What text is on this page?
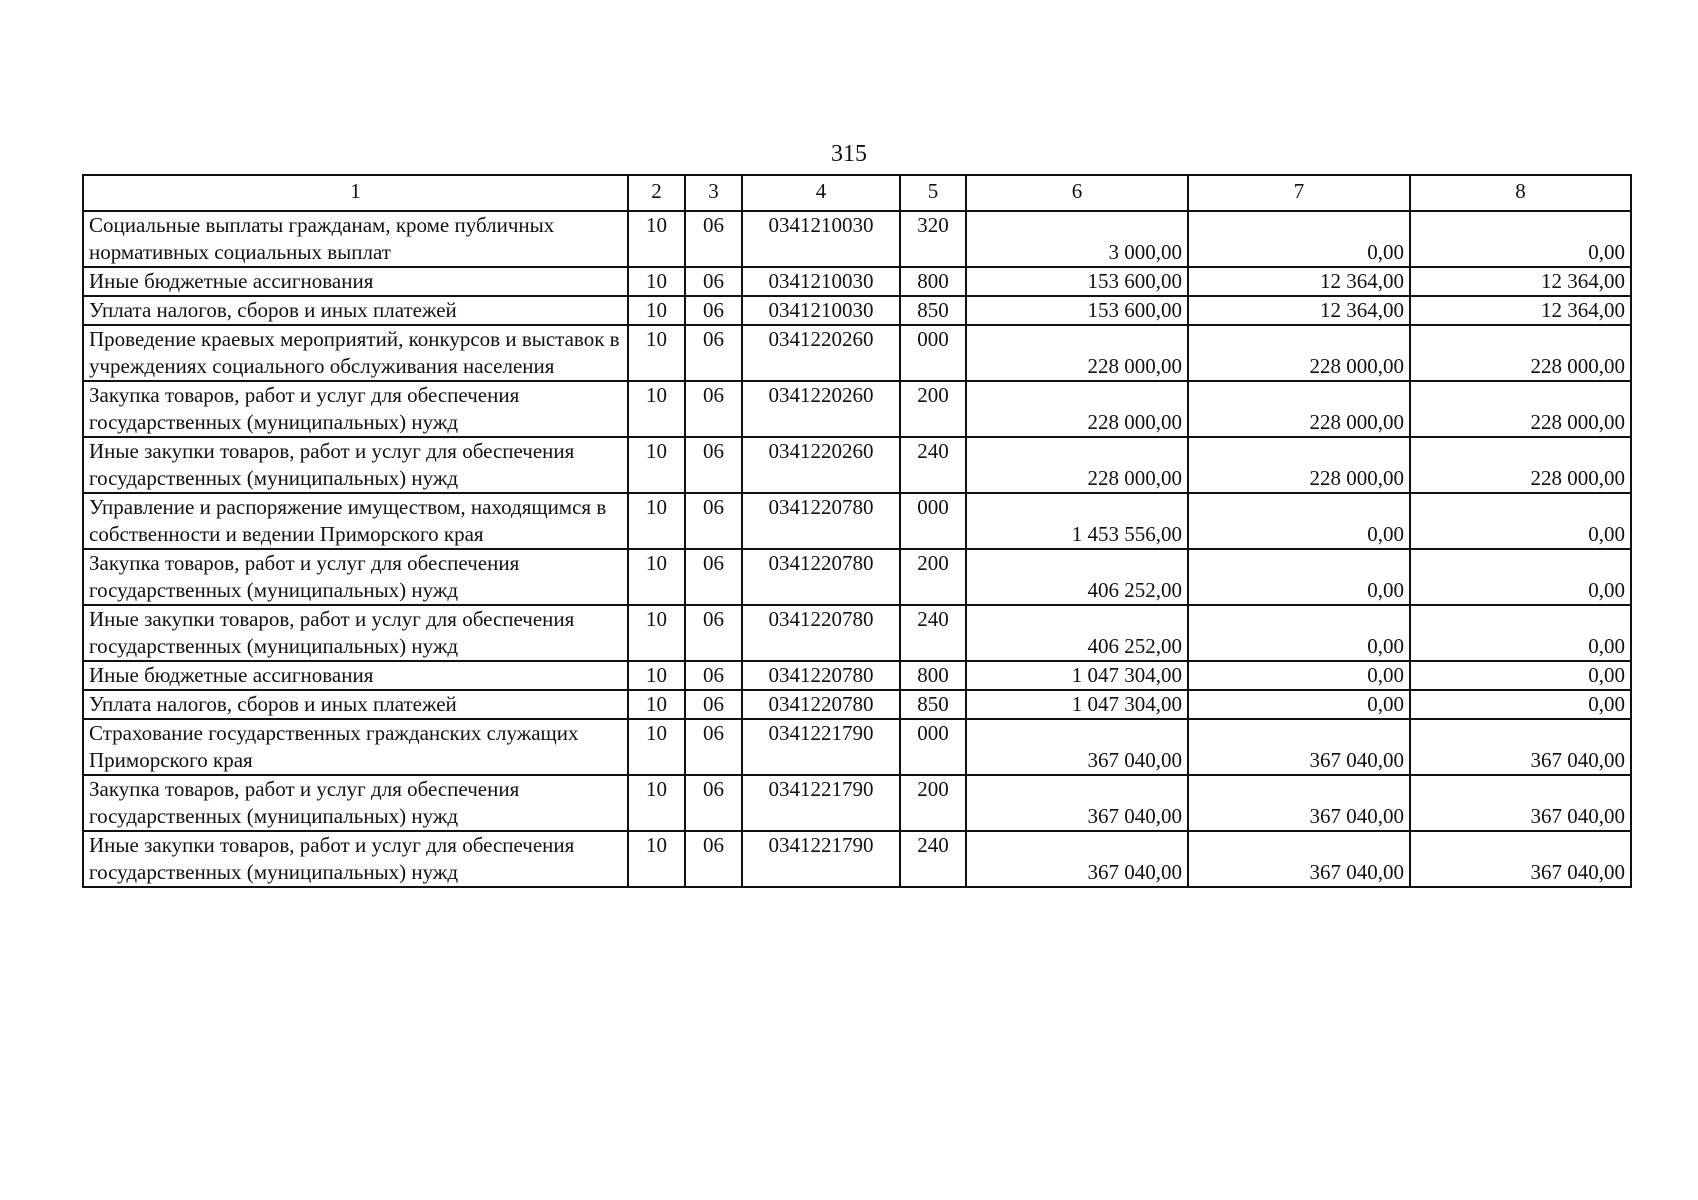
315
1	2	3	4	5	6	7	8
Социальные выплаты гражданам, кроме публичных нормативных социальных выплат	10	06	0341210030	320	3 000,00	0,00	0,00
Иные бюджетные ассигнования	10	06	0341210030	800	153 600,00	12 364,00	12 364,00
Уплата налогов, сборов и иных платежей	10	06	0341210030	850	153 600,00	12 364,00	12 364,00
Проведение краевых мероприятий, конкурсов и выставок в учреждениях социального обслуживания населения	10	06	0341220260	000	228 000,00	228 000,00	228 000,00
Закупка товаров, работ и услуг для обеспечения государственных (муниципальных) нужд	10	06	0341220260	200	228 000,00	228 000,00	228 000,00
Иные закупки товаров, работ и услуг для обеспечения государственных (муниципальных) нужд	10	06	0341220260	240	228 000,00	228 000,00	228 000,00
Управление и распоряжение имуществом, находящимся в собственности и ведении Приморского края	10	06	0341220780	000	1 453 556,00	0,00	0,00
Закупка товаров, работ и услуг для обеспечения государственных (муниципальных) нужд	10	06	0341220780	200	406 252,00	0,00	0,00
Иные закупки товаров, работ и услуг для обеспечения государственных (муниципальных) нужд	10	06	0341220780	240	406 252,00	0,00	0,00
Иные бюджетные ассигнования	10	06	0341220780	800	1 047 304,00	0,00	0,00
Уплата налогов, сборов и иных платежей	10	06	0341220780	850	1 047 304,00	0,00	0,00
Страхование государственных гражданских служащих Приморского края	10	06	0341221790	000	367 040,00	367 040,00	367 040,00
Закупка товаров, работ и услуг для обеспечения государственных (муниципальных) нужд	10	06	0341221790	200	367 040,00	367 040,00	367 040,00
Иные закупки товаров, работ и услуг для обеспечения государственных (муниципальных) нужд	10	06	0341221790	240	367 040,00	367 040,00	367 040,00
